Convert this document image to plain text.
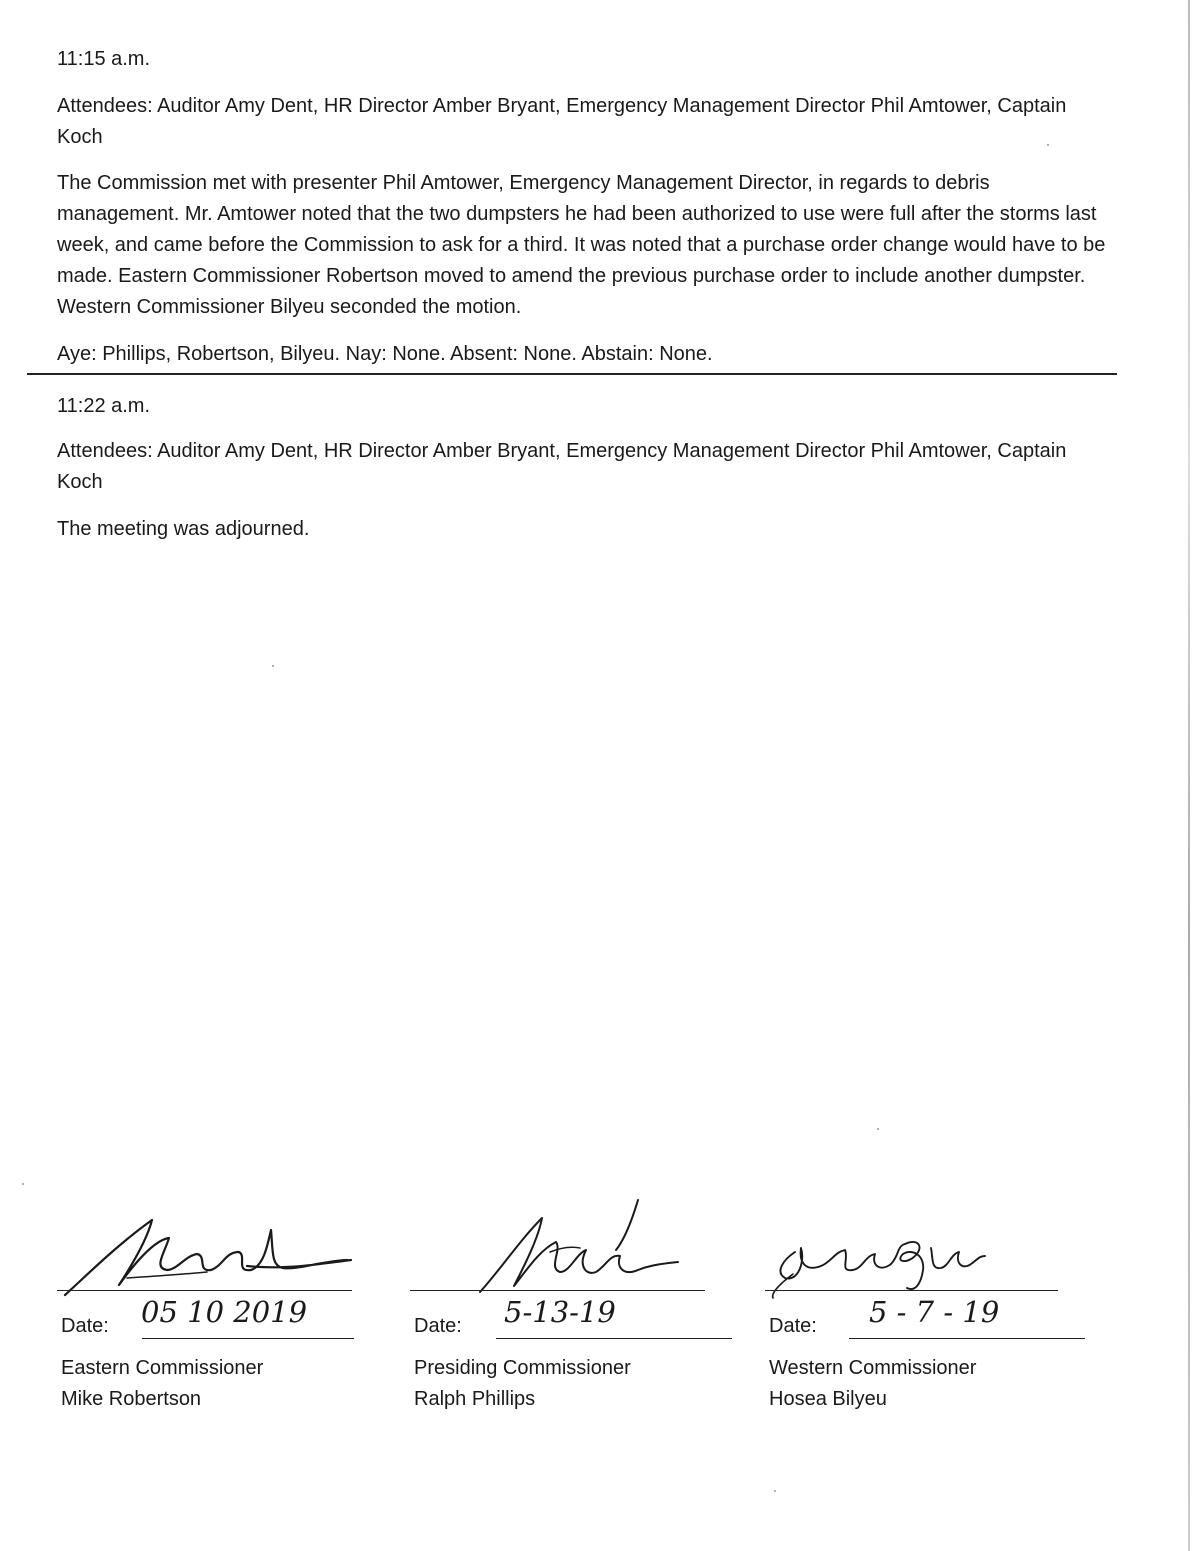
11:15 a.m.

Attendees: Auditor Amy Dent, HR Director Amber Bryant, Emergency Management Director Phil Amtower, Captain Koch

The Commission met with presenter Phil Amtower, Emergency Management Director, in regards to debris management. Mr. Amtower noted that the two dumpsters he had been authorized to use were full after the storms last week, and came before the Commission to ask for a third. It was noted that a purchase order change would have to be made. Eastern Commissioner Robertson moved to amend the previous purchase order to include another dumpster. Western Commissioner Bilyeu seconded the motion.

Aye: Phillips, Robertson, Bilyeu. Nay: None. Absent: None. Abstain: None.

11:22 a.m.

Attendees: Auditor Amy Dent, HR Director Amber Bryant, Emergency Management Director Phil Amtower, Captain Koch

The meeting was adjourned.

Date: 05 10 2019
Eastern Commissioner
Mike Robertson
Date: 5-13-19
Presiding Commissioner
Ralph Phillips
Date: 5 - 7 - 19
Western Commissioner
Hosea Bilyeu
